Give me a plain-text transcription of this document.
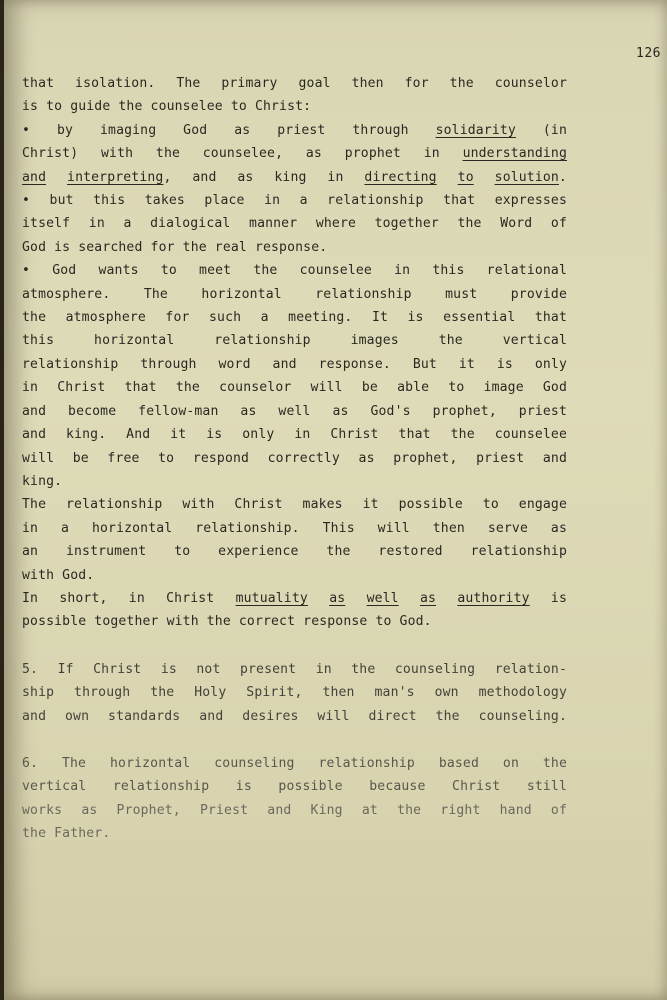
126
that isolation. The primary goal then for the counselor
is to guide the counselee to Christ:
• by imaging God as priest through solidarity (in
Christ) with the counselee, as prophet in understanding
and interpreting, and as king in directing to solution.
• but this takes place in a relationship that expresses
itself in a dialogical manner where together the Word of
God is searched for the real response.
• God wants to meet the counselee in this relational
atmosphere. The horizontal relationship must provide
the atmosphere for such a meeting. It is essential that
this horizontal relationship images the vertical
relationship through word and response. But it is only
in Christ that the counselor will be able to image God
and become fellow-man as well as God's prophet, priest
and king. And it is only in Christ that the counselee
will be free to respond correctly as prophet, priest and
king.
The relationship with Christ makes it possible to engage
in a horizontal relationship. This will then serve as
an instrument to experience the restored relationship
with God.
In short, in Christ mutuality as well as authority is
possible together with the correct response to God.
5. If Christ is not present in the counseling relation-
ship through the Holy Spirit, then man's own methodology
and own standards and desires will direct the counseling.
6. The horizontal counseling relationship based on the
vertical relationship is possible because Christ still
works as Prophet, Priest and King at the right hand of
the Father.
